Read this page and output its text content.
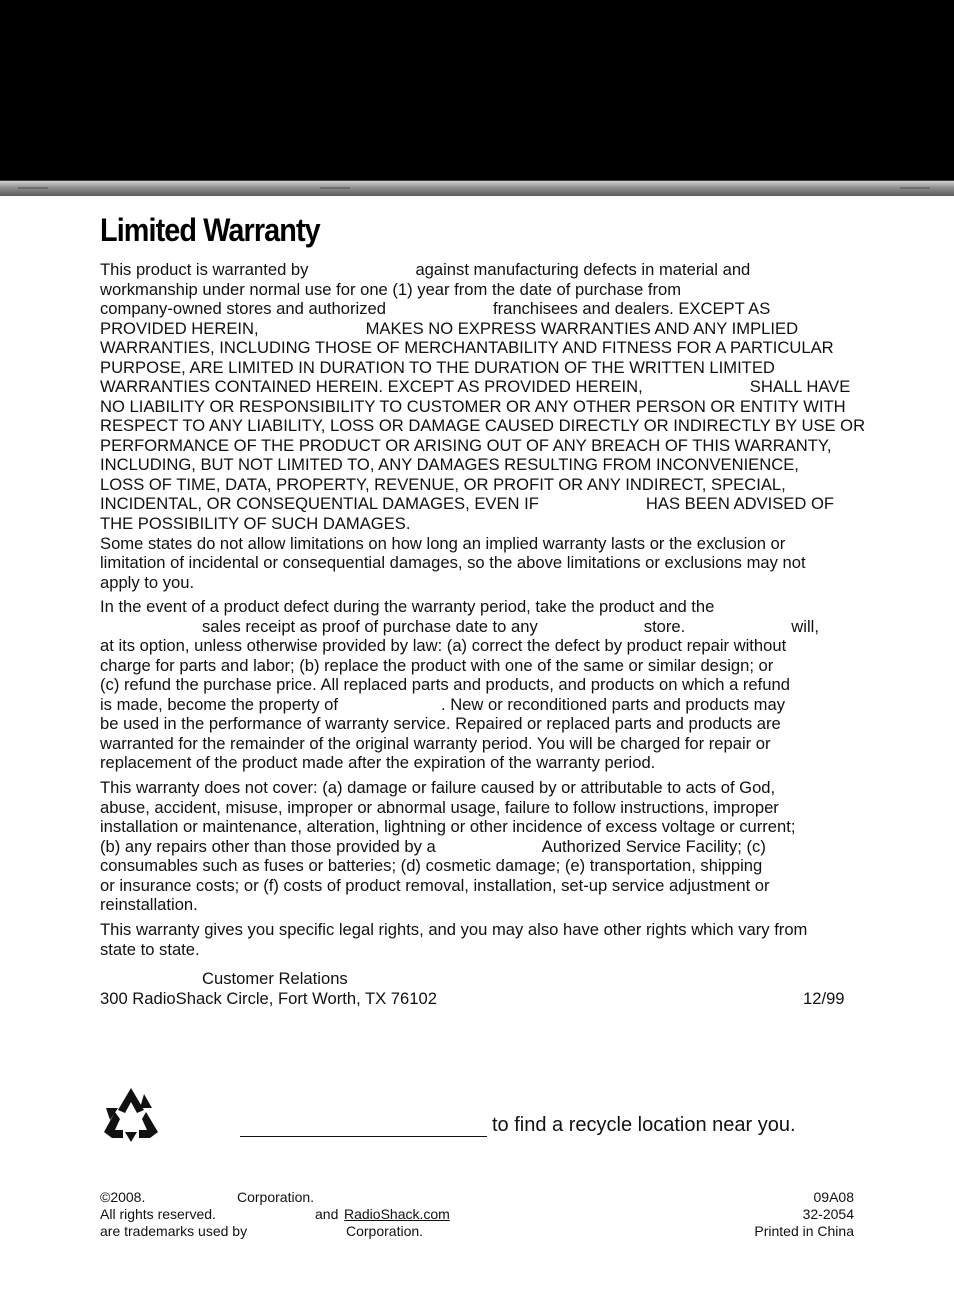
Limited Warranty
This product is warranted by	against manufacturing defects in material and
workmanship under normal use for one (1) year from the date of purchase from
company-owned stores and authorized	franchisees and dealers. EXCEPT AS
PROVIDED HEREIN,	MAKES NO EXPRESS WARRANTIES AND ANY IMPLIED
WARRANTIES, INCLUDING THOSE OF MERCHANTABILITY AND FITNESS FOR A PARTICULAR
PURPOSE, ARE LIMITED IN DURATION TO THE DURATION OF THE WRITTEN LIMITED
WARRANTIES CONTAINED HEREIN. EXCEPT AS PROVIDED HEREIN,	SHALL HAVE
NO LIABILITY OR RESPONSIBILITY TO CUSTOMER OR ANY OTHER PERSON OR ENTITY WITH
RESPECT TO ANY LIABILITY, LOSS OR DAMAGE CAUSED DIRECTLY OR INDIRECTLY BY USE OR
PERFORMANCE OF THE PRODUCT OR ARISING OUT OF ANY BREACH OF THIS WARRANTY,
INCLUDING, BUT NOT LIMITED TO, ANY DAMAGES RESULTING FROM INCONVENIENCE,
LOSS OF TIME, DATA, PROPERTY, REVENUE, OR PROFIT OR ANY INDIRECT, SPECIAL,
INCIDENTAL, OR CONSEQUENTIAL DAMAGES, EVEN IF	HAS BEEN ADVISED OF
THE POSSIBILITY OF SUCH DAMAGES.
Some states do not allow limitations on how long an implied warranty lasts or the exclusion or
limitation of incidental or consequential damages, so the above limitations or exclusions may not
apply to you.
In the event of a product defect during the warranty period, take the product and the
sales receipt as proof of purchase date to any	store.	will,
at its option, unless otherwise provided by law: (a) correct the defect by product repair without
charge for parts and labor; (b) replace the product with one of the same or similar design; or
(c) refund the purchase price. All replaced parts and products, and products on which a refund
is made, become the property of	. New or reconditioned parts and products may
be used in the performance of warranty service. Repaired or replaced parts and products are
warranted for the remainder of the original warranty period. You will be charged for repair or
replacement of the product made after the expiration of the warranty period.
This warranty does not cover: (a) damage or failure caused by or attributable to acts of God,
abuse, accident, misuse, improper or abnormal usage, failure to follow instructions, improper
installation or maintenance, alteration, lightning or other incidence of excess voltage or current;
(b) any repairs other than those provided by a	Authorized Service Facility; (c)
consumables such as fuses or batteries; (d) cosmetic damage; (e) transportation, shipping
or insurance costs; or (f) costs of product removal, installation, set-up service adjustment or
reinstallation.
This warranty gives you specific legal rights, and you may also have other rights which vary from
state to state.
Customer Relations
300 RadioShack Circle, Fort Worth, TX 76102	12/99
to find a recycle location near you.
©2008.	Corporation.
All rights reserved.	and RadioShack.com
are trademarks used by	Corporation.
09A08
32-2054
Printed in China
